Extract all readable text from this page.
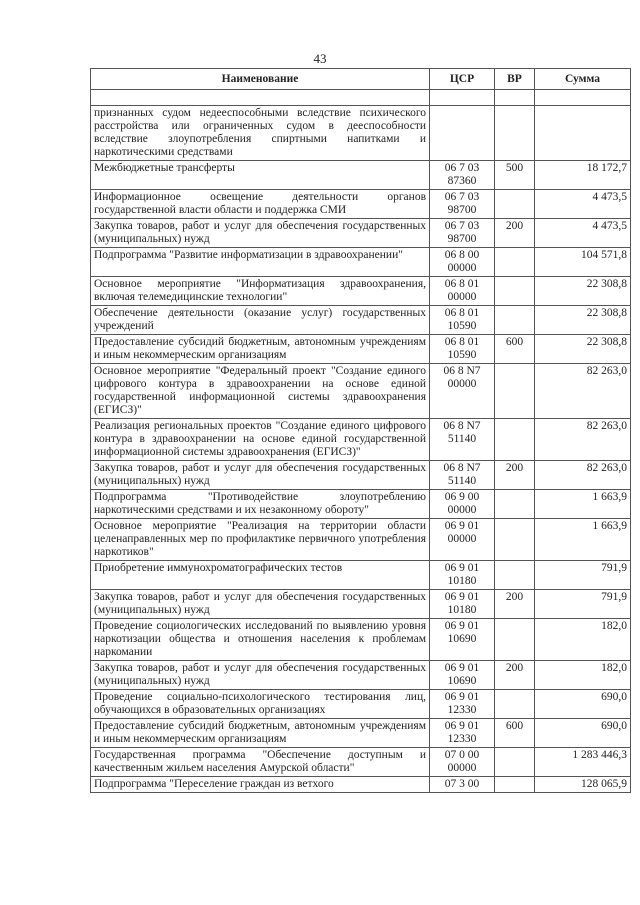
43
Наименование	ЦСР	ВР	Сумма

признанных судом недееспособными вследствие психического расстройства или ограниченных судом в дееспособности вследствие злоупотребления спиртными напитками и наркотическими средствами			
Межбюджетные трансферты	06 7 03 87360	500	18 172,7
Информационное освещение деятельности органов государственной власти области и поддержка СМИ	06 7 03 98700		4 473,5
Закупка товаров, работ и услуг для обеспечения государственных (муниципальных) нужд	06 7 03 98700	200	4 473,5
Подпрограмма "Развитие информатизации в здравоохранении"	06 8 00 00000		104 571,8
Основное мероприятие "Информатизация здравоохранения, включая телемедицинские технологии"	06 8 01 00000		22 308,8
Обеспечение деятельности (оказание услуг) государственных учреждений	06 8 01 10590		22 308,8
Предоставление субсидий бюджетным, автономным учреждениям и иным некоммерческим организациям	06 8 01 10590	600	22 308,8
Основное мероприятие "Федеральный проект "Создание единого цифрового контура в здравоохранении на основе единой государственной информационной системы здравоохранения (ЕГИСЗ)"	06 8 N7 00000		82 263,0
Реализация региональных проектов "Создание единого цифрового контура в здравоохранении на основе единой государственной информационной системы здравоохранения (ЕГИСЗ)"	06 8 N7 51140		82 263,0
Закупка товаров, работ и услуг для обеспечения государственных (муниципальных) нужд	06 8 N7 51140	200	82 263,0
Подпрограмма "Противодействие злоупотреблению наркотическими средствами и их незаконному обороту"	06 9 00 00000		1 663,9
Основное мероприятие "Реализация на территории области целенаправленных мер по профилактике первичного употребления наркотиков"	06 9 01 00000		1 663,9
Приобретение иммунохроматографических тестов	06 9 01 10180		791,9
Закупка товаров, работ и услуг для обеспечения государственных (муниципальных) нужд	06 9 01 10180	200	791,9
Проведение социологических исследований по выявлению уровня наркотизации общества и отношения населения к проблемам наркомании	06 9 01 10690		182,0
Закупка товаров, работ и услуг для обеспечения государственных (муниципальных) нужд	06 9 01 10690	200	182,0
Проведение социально-психологического тестирования лиц, обучающихся в образовательных организациях	06 9 01 12330		690,0
Предоставление субсидий бюджетным, автономным учреждениям и иным некоммерческим организациям	06 9 01 12330	600	690,0
Государственная программа "Обеспечение доступным и качественным жильем населения Амурской области"	07 0 00 00000		1 283 446,3
Подпрограмма "Переселение граждан из ветхого	07 3 00		128 065,9
